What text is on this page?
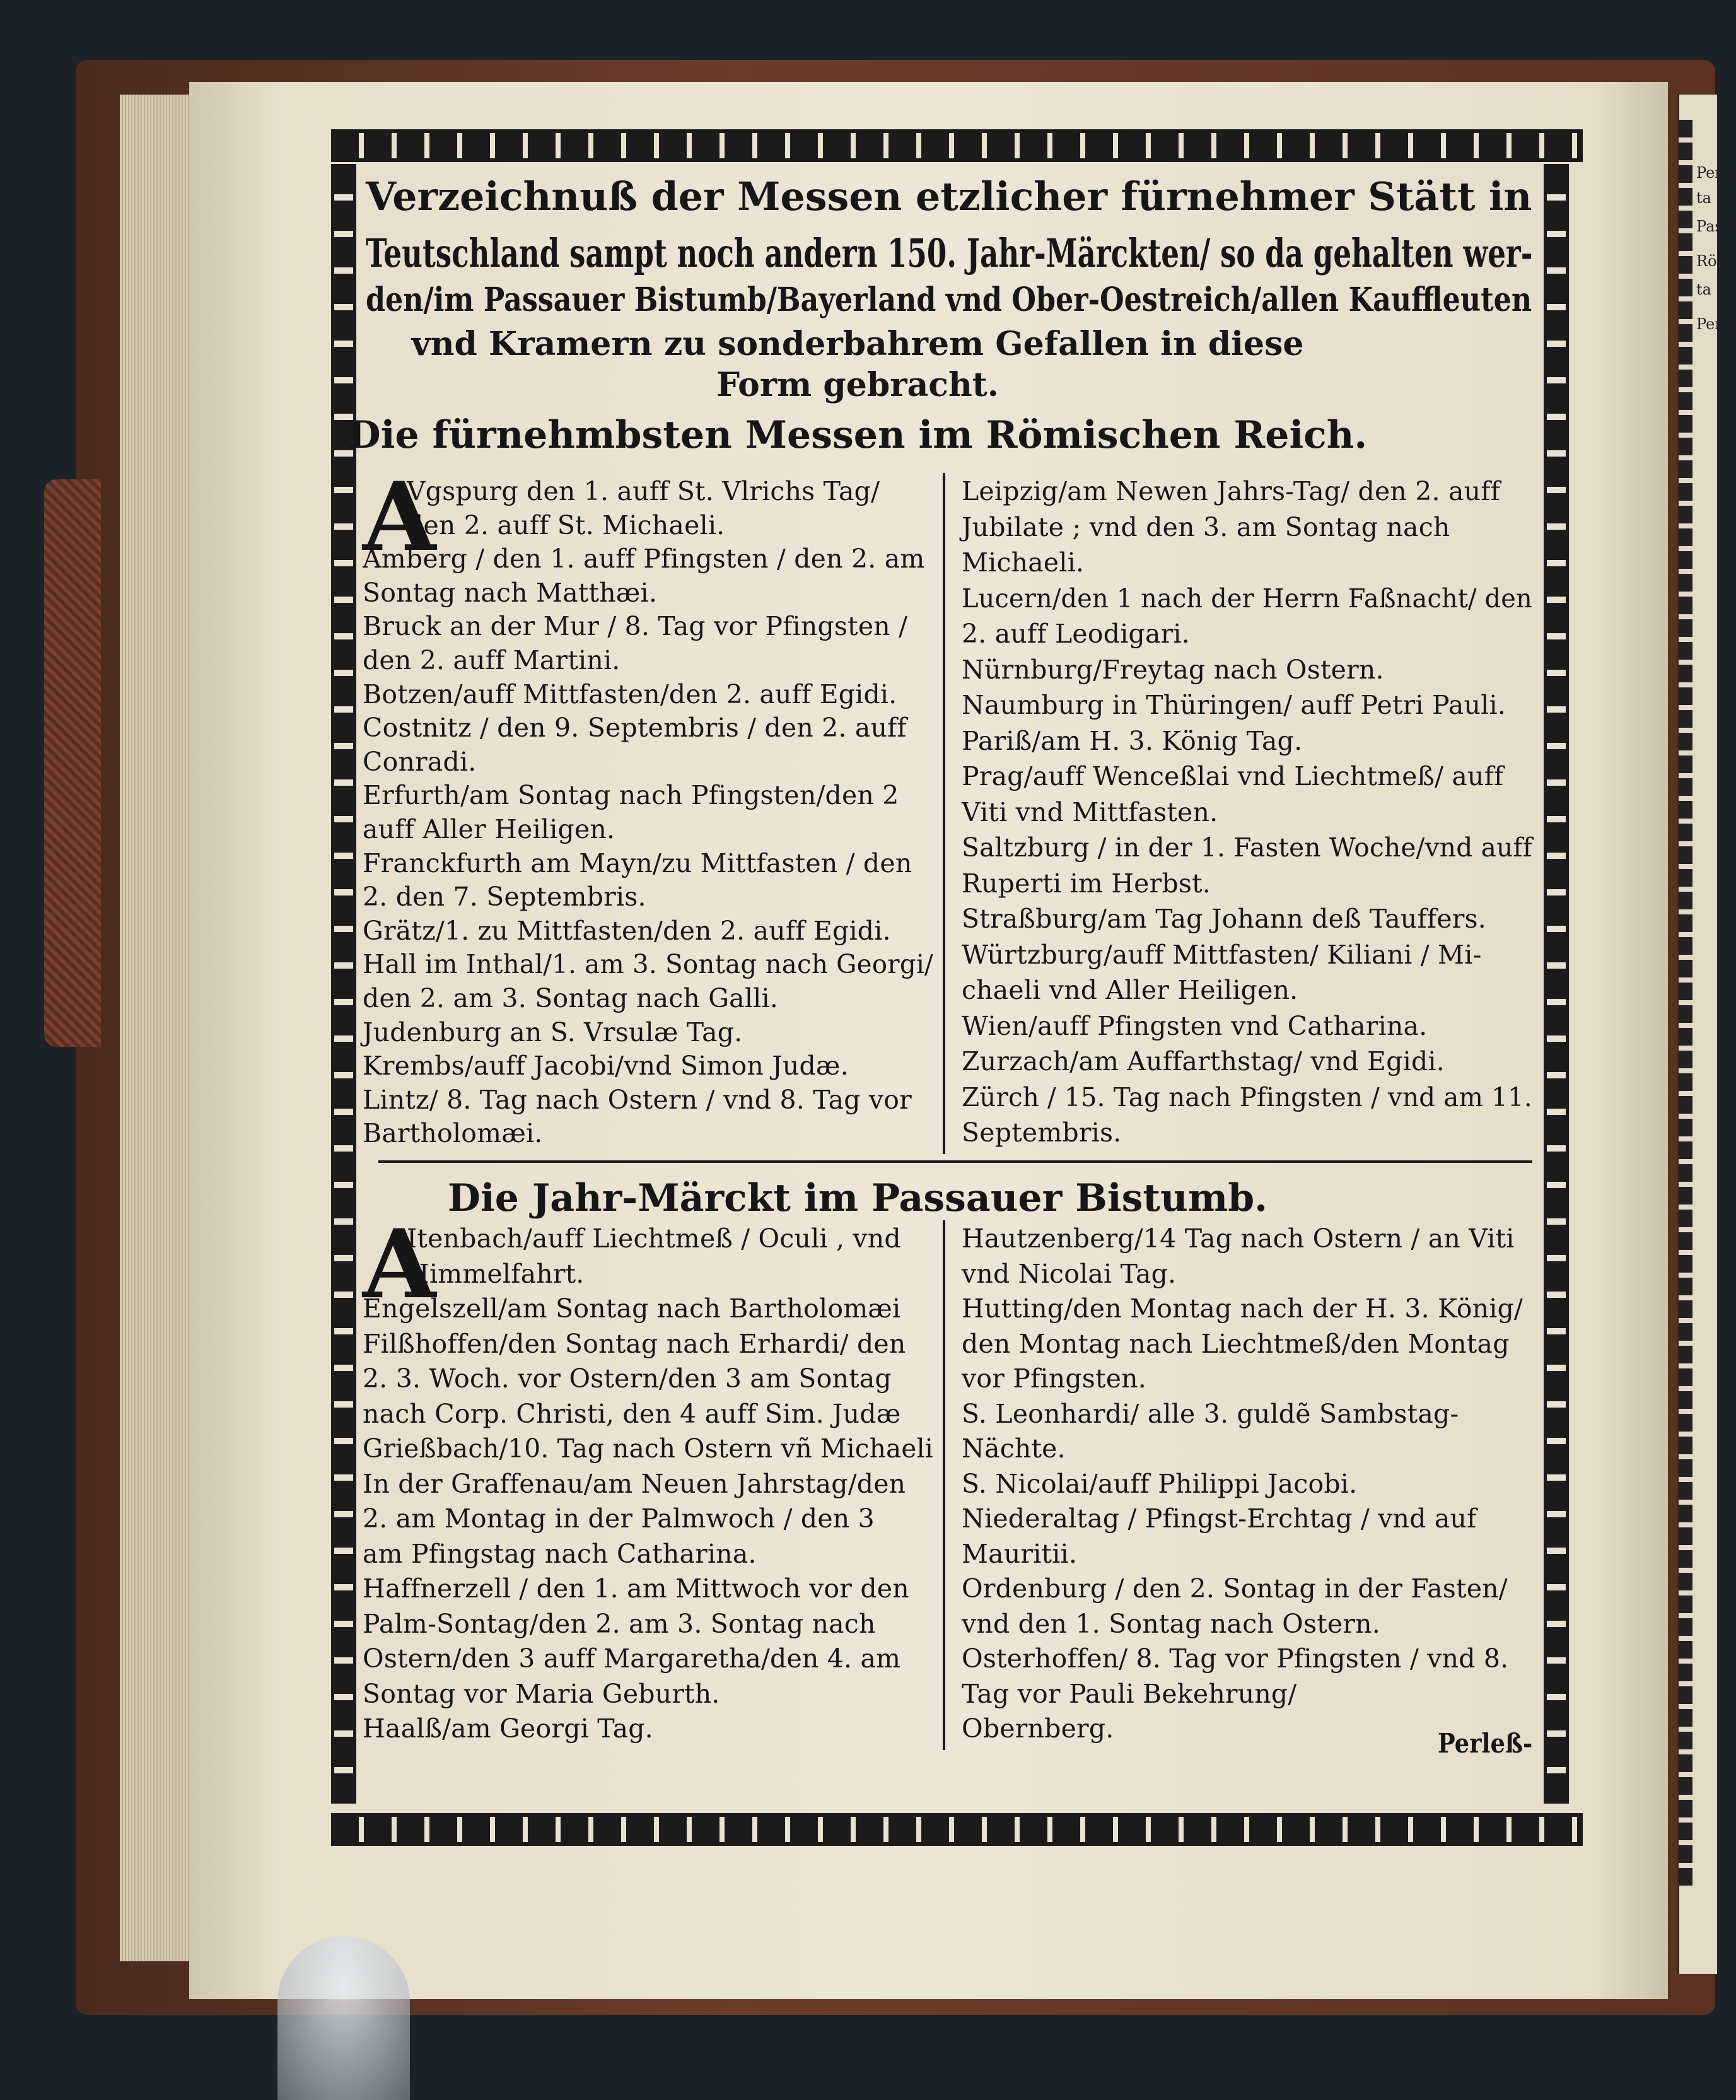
Perle
ta
Pass
Röh
ta
Perle
Verzeichnuß der Messen etzlicher fürnehmer Stätt in
Teutschland sampt noch andern 150. Jahr-Märckten/ so da gehalten wer-
den/im Passauer Bistumb/Bayerland vnd Ober-Oestreich/allen Kauffleuten
vnd Kramern zu sonderbahrem Gefallen in diese
Form gebracht.
Die fürnehmbsten Messen im Römischen Reich.
A
Vgspurg den 1. auff St. Vlrichs Tag/
den 2. auff St. Michaeli.
Amberg / den 1. auff Pfingsten / den 2. am
Sontag nach Matthæi.
Bruck an der Mur / 8. Tag vor Pfingsten /
den 2. auff Martini.
Botzen/auff Mittfasten/den 2. auff Egidi.
Costnitz / den 9. Septembris / den 2. auff
Conradi.
Erfurth/am Sontag nach Pfingsten/den 2
auff Aller Heiligen.
Franckfurth am Mayn/zu Mittfasten / den
2. den 7. Septembris.
Grätz/1. zu Mittfasten/den 2. auff Egidi.
Hall im Inthal/1. am 3. Sontag nach Georgi/
den 2. am 3. Sontag nach Galli.
Judenburg an S. Vrsulæ Tag.
Krembs/auff Jacobi/vnd Simon Judæ.
Lintz/ 8. Tag nach Ostern / vnd 8. Tag vor
Bartholomæi.
Leipzig/am Newen Jahrs-Tag/ den 2. auff
Jubilate ; vnd den 3. am Sontag nach
Michaeli.
Lucern/den 1 nach der Herrn Faßnacht/ den
2. auff Leodigari.
Nürnburg/Freytag nach Ostern.
Naumburg in Thüringen/ auff Petri Pauli.
Pariß/am H. 3. König Tag.
Prag/auff Wenceßlai vnd Liechtmeß/ auff
Viti vnd Mittfasten.
Saltzburg / in der 1. Fasten Woche/vnd auff
Ruperti im Herbst.
Straßburg/am Tag Johann deß Tauffers.
Würtzburg/auff Mittfasten/ Kiliani / Mi-
chaeli vnd Aller Heiligen.
Wien/auff Pfingsten vnd Catharina.
Zurzach/am Auffarthstag/ vnd Egidi.
Zürch / 15. Tag nach Pfingsten / vnd am 11.
Septembris.
Die Jahr-Märckt im Passauer Bistumb.
A
Itenbach/auff Liechtmeß / Oculi , vnd
Himmelfahrt.
Engelszell/am Sontag nach Bartholomæi
Filßhoffen/den Sontag nach Erhardi/ den
2. 3. Woch. vor Ostern/den 3 am Sontag
nach Corp. Christi, den 4 auff Sim. Judæ
Grießbach/10. Tag nach Ostern vñ Michaeli
In der Graffenau/am Neuen Jahrstag/den
2. am Montag in der Palmwoch / den 3
am Pfingstag nach Catharina.
Haffnerzell / den 1. am Mittwoch vor den
Palm-Sontag/den 2. am 3. Sontag nach
Ostern/den 3 auff Margaretha/den 4. am
Sontag vor Maria Geburth.
Haalß/am Georgi Tag.
Hautzenberg/14 Tag nach Ostern / an Viti
vnd Nicolai Tag.
Hutting/den Montag nach der H. 3. König/
den Montag nach Liechtmeß/den Montag
vor Pfingsten.
S. Leonhardi/ alle 3. guldẽ Sambstag-
Nächte.
S. Nicolai/auff Philippi Jacobi.
Niederaltag / Pfingst-Erchtag / vnd auf
Mauritii.
Ordenburg / den 2. Sontag in der Fasten/
vnd den 1. Sontag nach Ostern.
Osterhoffen/ 8. Tag vor Pfingsten / vnd 8.
Tag vor Pauli Bekehrung/
Obernberg.	Perleß-
